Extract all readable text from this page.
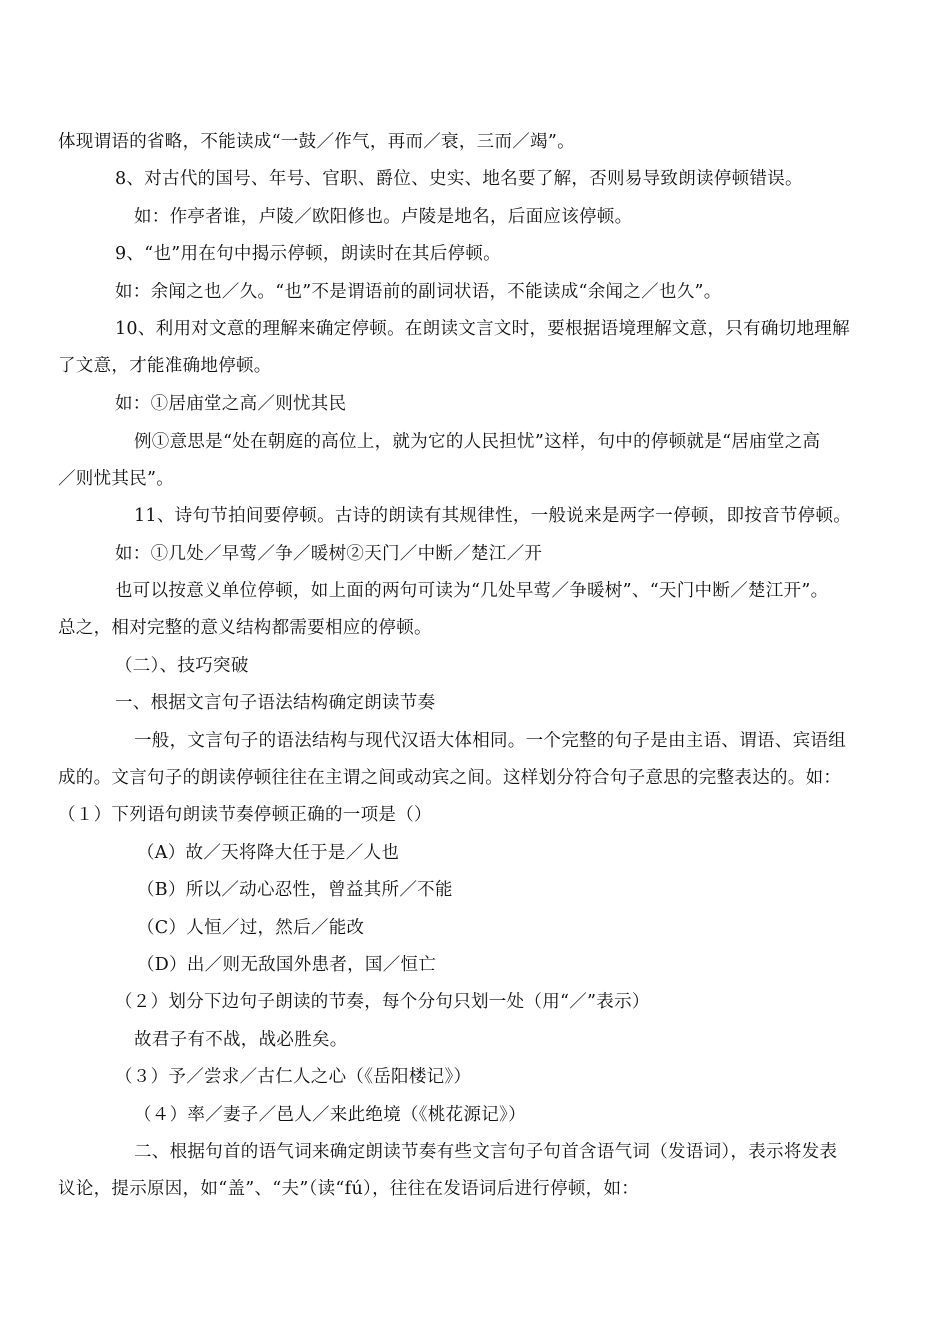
体现谓语的省略，不能读成“一鼓／作气，再而／衰，三而／竭”。
8、对古代的国号、年号、官职、爵位、史实、地名要了解，否则易导致朗读停顿错误。
如：作亭者谁，卢陵／欧阳修也。卢陵是地名，后面应该停顿。
9、“也”用在句中揭示停顿，朗读时在其后停顿。
如：余闻之也／久。“也”不是谓语前的副词状语，不能读成“余闻之／也久”。
10、利用对文意的理解来确定停顿。在朗读文言文时，要根据语境理解文意，只有确切地理解
了文意，才能准确地停顿。
如：①居庙堂之高／则忧其民
例①意思是“处在朝庭的高位上，就为它的人民担忧”这样，句中的停顿就是“居庙堂之高
／则忧其民”。
11、诗句节拍间要停顿。古诗的朗读有其规律性，一般说来是两字一停顿，即按音节停顿。
如：①几处／早莺／争／暖树②天门／中断／楚江／开
也可以按意义单位停顿，如上面的两句可读为“几处早莺／争暖树”、“天门中断／楚江开”。
总之，相对完整的意义结构都需要相应的停顿。
（二）、技巧突破
一、根据文言句子语法结构确定朗读节奏
一般，文言句子的语法结构与现代汉语大体相同。一个完整的句子是由主语、谓语、宾语组
成的。文言句子的朗读停顿往往在主谓之间或动宾之间。这样划分符合句子意思的完整表达的。如：
（１）下列语句朗读节奏停顿正确的一项是（）
（A）故／天将降大任于是／人也
（B）所以／动心忍性，曾益其所／不能
（C）人恒／过，然后／能改
（D）出／则无敌国外患者，国／恒亡
（２）划分下边句子朗读的节奏，每个分句只划一处（用“／”表示）
故君子有不战，战必胜矣。
（３）予／尝求／古仁人之心（《岳阳楼记》）
（４）率／妻子／邑人／来此绝境（《桃花源记》）
二、根据句首的语气词来确定朗读节奏有些文言句子句首含语气词（发语词），表示将发表
议论，提示原因，如“盖”、“夫”（读“fú），往往在发语词后进行停顿，如：
